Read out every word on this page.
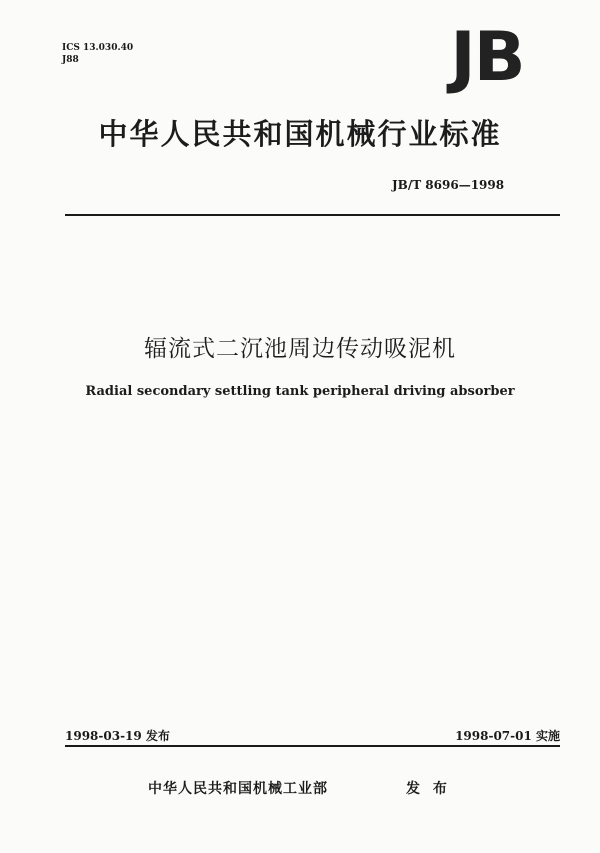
ICS 13.030.40
J88	JB
中华人民共和国机械行业标准
JB/T 8696—1998
辐流式二沉池周边传动吸泥机
Radial secondary settling tank peripheral driving absorber
1998-03-19 发布	1998-07-01 实施
中华人民共和国机械工业部	发 布
